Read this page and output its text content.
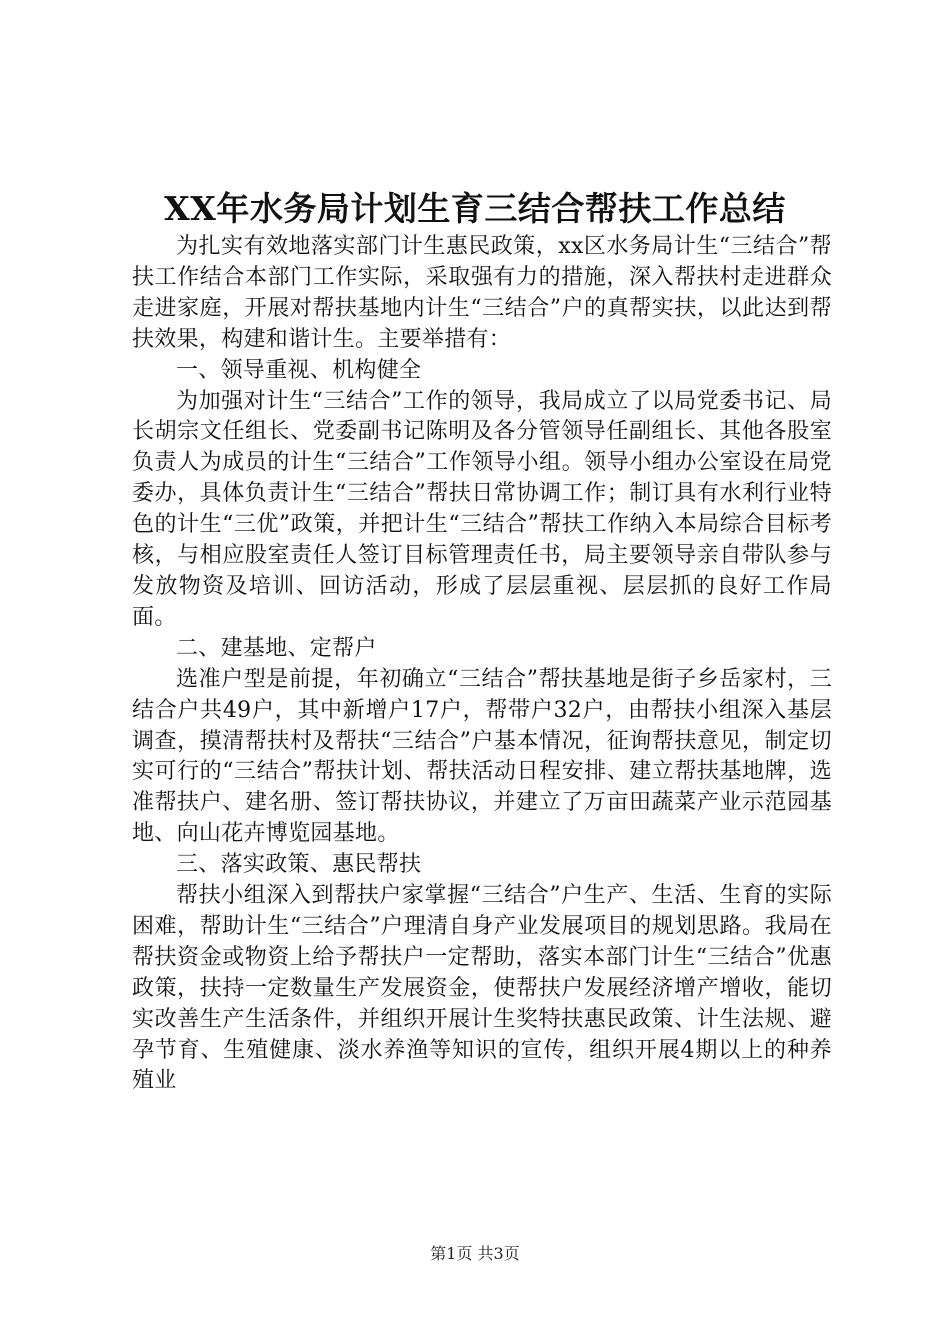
XX年水务局计划生育三结合帮扶工作总结

为扎实有效地落实部门计生惠民政策，xx区水务局计生“三结合”帮扶工作结合本部门工作实际，采取强有力的措施，深入帮扶村走进群众走进家庭，开展对帮扶基地内计生“三结合”户的真帮实扶，以此达到帮扶效果，构建和谐计生。主要举措有：

一、领导重视、机构健全

为加强对计生“三结合”工作的领导，我局成立了以局党委书记、局长胡宗文任组长、党委副书记陈明及各分管领导任副组长、其他各股室负责人为成员的计生“三结合”工作领导小组。领导小组办公室设在局党委办，具体负责计生“三结合”帮扶日常协调工作；制订具有水利行业特色的计生“三优”政策，并把计生“三结合”帮扶工作纳入本局综合目标考核，与相应股室责任人签订目标管理责任书，局主要领导亲自带队参与发放物资及培训、回访活动，形成了层层重视、层层抓的良好工作局面。

二、建基地、定帮户

选准户型是前提，年初确立“三结合”帮扶基地是街子乡岳家村，三结合户共49户，其中新增户17户，帮带户32户，由帮扶小组深入基层调查，摸清帮扶村及帮扶“三结合”户基本情况，征询帮扶意见，制定切实可行的“三结合”帮扶计划、帮扶活动日程安排、建立帮扶基地牌，选准帮扶户、建名册、签订帮扶协议，并建立了万亩田蔬菜产业示范园基地、向山花卉博览园基地。

三、落实政策、惠民帮扶

帮扶小组深入到帮扶户家掌握“三结合”户生产、生活、生育的实际困难，帮助计生“三结合”户理清自身产业发展项目的规划思路。我局在帮扶资金或物资上给予帮扶户一定帮助，落实本部门计生“三结合”优惠政策，扶持一定数量生产发展资金，使帮扶户发展经济增产增收，能切实改善生产生活条件，并组织开展计生奖特扶惠民政策、计生法规、避孕节育、生殖健康、淡水养渔等知识的宣传，组织开展4期以上的种养殖业

第1页 共3页
